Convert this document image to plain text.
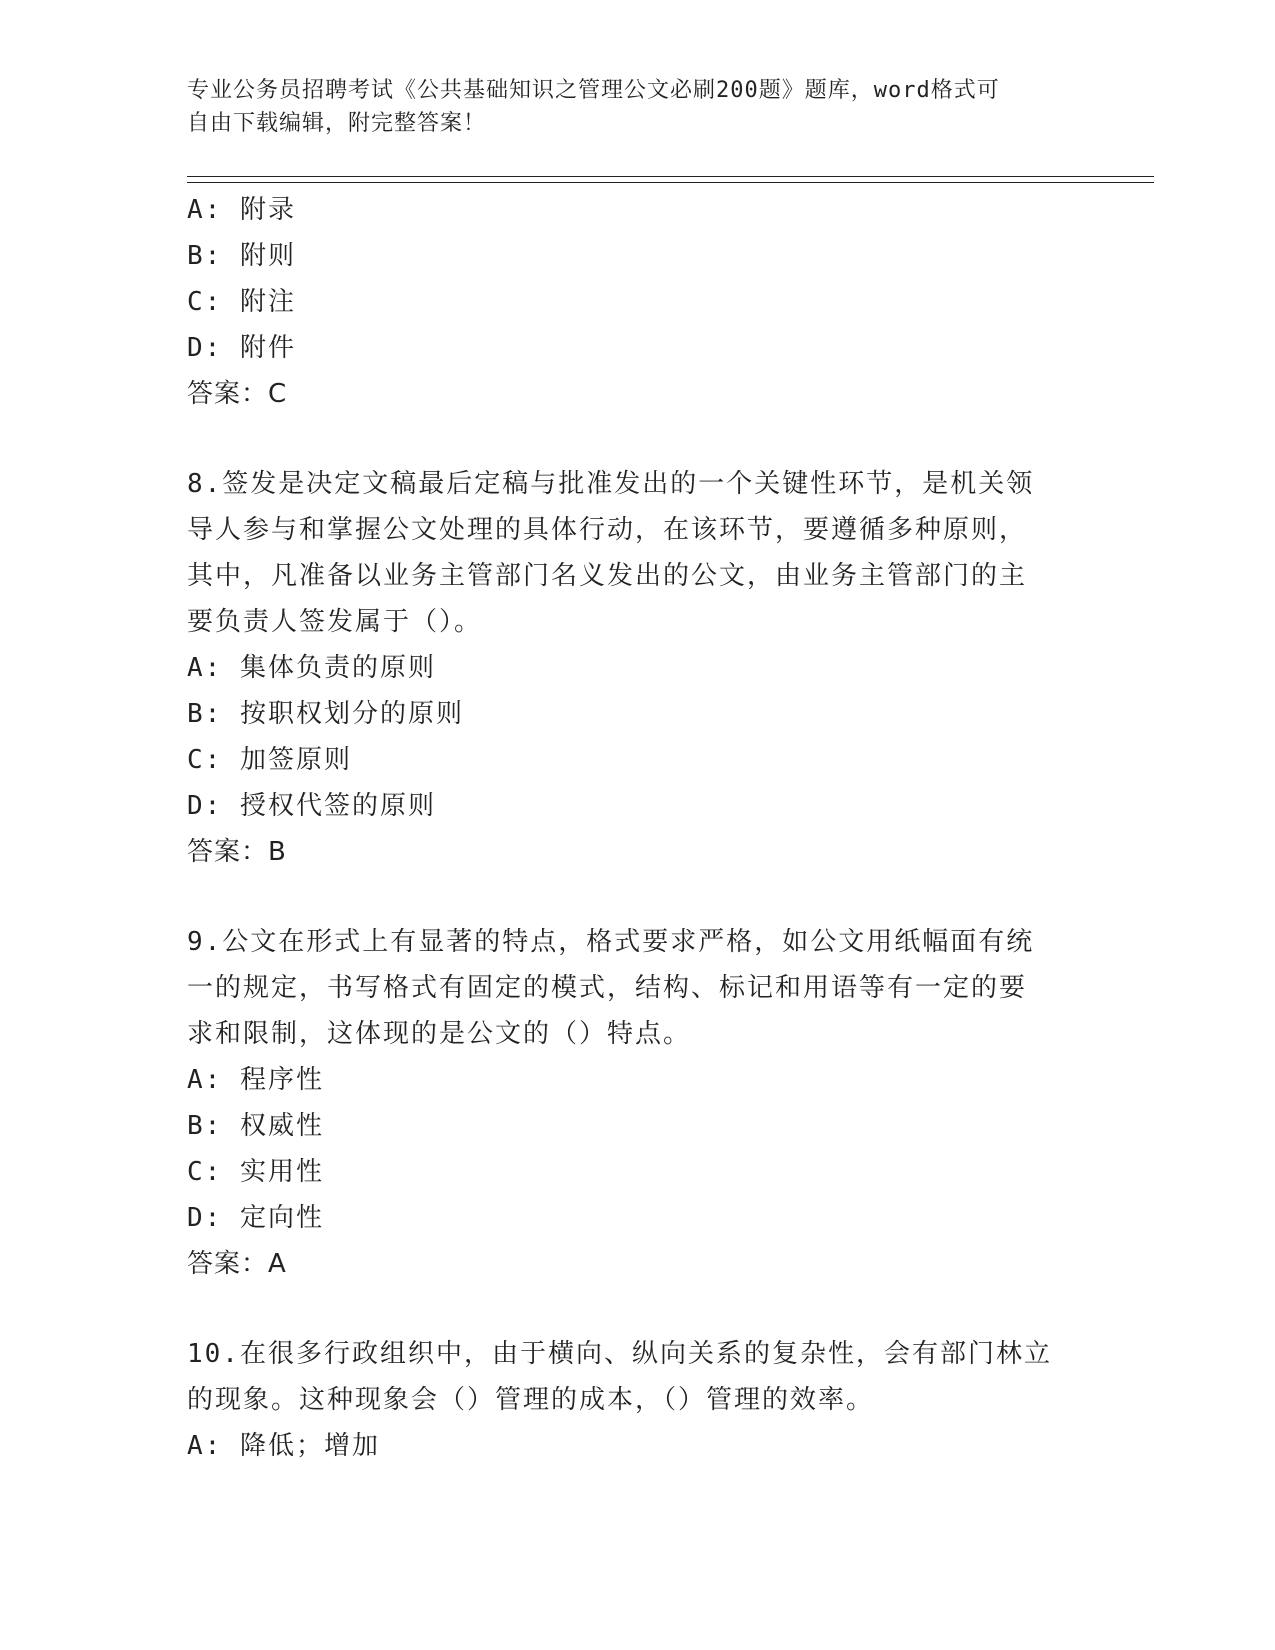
专业公务员招聘考试《公共基础知识之管理公文必刷200题》题库，word格式可
自由下载编辑，附完整答案！
A: 附录
B: 附则
C: 附注
D: 附件
答案：C
8.签发是决定文稿最后定稿与批准发出的一个关键性环节，是机关领
导人参与和掌握公文处理的具体行动，在该环节，要遵循多种原则，
其中，凡准备以业务主管部门名义发出的公文，由业务主管部门的主
要负责人签发属于（）。
A: 集体负责的原则
B: 按职权划分的原则
C: 加签原则
D: 授权代签的原则
答案：B
9.公文在形式上有显著的特点，格式要求严格，如公文用纸幅面有统
一的规定，书写格式有固定的模式，结构、标记和用语等有一定的要
求和限制，这体现的是公文的（）特点。
A: 程序性
B: 权威性
C: 实用性
D: 定向性
答案：A
10.在很多行政组织中，由于横向、纵向关系的复杂性，会有部门林立
的现象。这种现象会（）管理的成本，（）管理的效率。
A: 降低；增加
